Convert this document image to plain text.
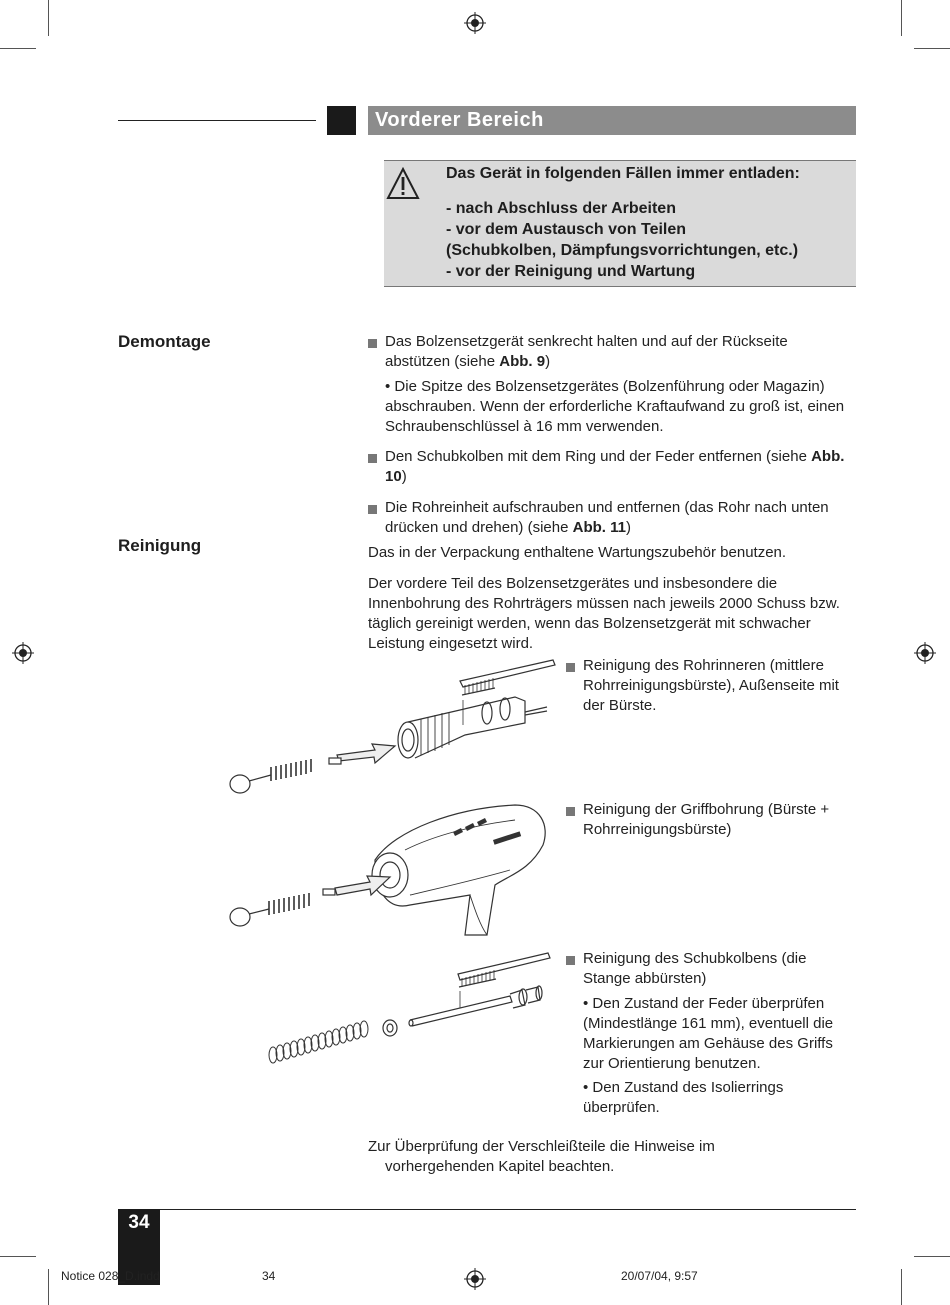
Vorderer Bereich
Das Gerät in folgenden Fällen immer entladen:
- nach Abschluss der Arbeiten
- vor dem Austausch von Teilen
(Schubkolben, Dämpfungsvorrichtungen, etc.)
- vor der Reinigung und Wartung
Demontage	Das Bolzensetzgerät senkrecht halten und auf der Rückseite abstützen (siehe Abb. 9)
• Die Spitze des Bolzensetzgerätes (Bolzenführung oder Magazin) abschrauben. Wenn der erforderliche Kraftaufwand zu groß ist, einen Schraubenschlüssel à 16 mm verwenden.
Den Schubkolben mit dem Ring und der Feder entfernen (siehe Abb. 10)
Die Rohreinheit aufschrauben und entfernen (das Rohr nach unten drücken und drehen) (siehe Abb. 11)
Reinigung	Das in der Verpackung enthaltene Wartungszubehör benutzen.
Der vordere Teil des Bolzensetzgerätes und insbesondere die Innenbohrung des Rohrträgers müssen nach jeweils 2000 Schuss bzw. täglich gereinigt werden, wenn das Bolzensetzgerät mit schwacher Leistung eingesetzt wird.
Reinigung des Rohrinneren (mittlere Rohrreinigungsbürste), Außenseite mit der Bürste.
Reinigung der Griffbohrung (Bürste + Rohrreinigungsbürste)
Reinigung des Schubkolbens (die Stange abbürsten)
• Den Zustand der Feder überprüfen (Mindestlänge 161 mm), eventuell die Markierungen am Gehäuse des Griffs zur Orientierung benutzen.
• Den Zustand des Isolierrings überprüfen.
Zur Überprüfung der Verschleißteile die Hinweise im vorhergehenden Kapitel beachten.
34
Notice 028_D.indd	34	20/07/04, 9:57
